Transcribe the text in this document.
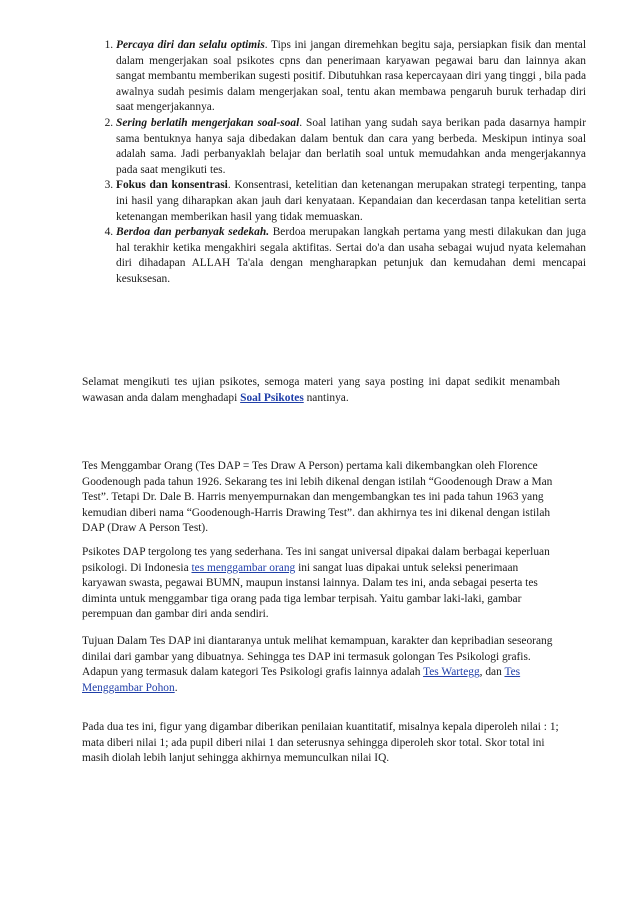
1. Percaya diri dan selalu optimis. Tips ini jangan diremehkan begitu saja, persiapkan fisik dan mental dalam mengerjakan soal psikotes cpns dan penerimaan karyawan pegawai baru dan lainnya akan sangat membantu memberikan sugesti positif. Dibutuhkan rasa kepercayaan diri yang tinggi , bila pada awalnya sudah pesimis dalam mengerjakan soal, tentu akan membawa pengaruh buruk terhadap diri saat mengerjakannya.
2. Sering berlatih mengerjakan soal-soal. Soal latihan yang sudah saya berikan pada dasarnya hampir sama bentuknya hanya saja dibedakan dalam bentuk dan cara yang berbeda. Meskipun intinya soal adalah sama. Jadi perbanyaklah belajar dan berlatih soal untuk memudahkan anda mengerjakannya pada saat mengikuti tes.
3. Fokus dan konsentrasi. Konsentrasi, ketelitian dan ketenangan merupakan strategi terpenting, tanpa ini hasil yang diharapkan akan jauh dari kenyataan. Kepandaian dan kecerdasan tanpa ketelitian serta ketenangan memberikan hasil yang tidak memuaskan.
4. Berdoa dan perbanyak sedekah. Berdoa merupakan langkah pertama yang mesti dilakukan dan juga hal terakhir ketika mengakhiri segala aktifitas. Sertai do'a dan usaha sebagai wujud nyata kelemahan diri dihadapan ALLAH Ta'ala dengan mengharapkan petunjuk dan kemudahan demi mencapai kesuksesan.

Selamat mengikuti tes ujian psikotes, semoga materi yang saya posting ini dapat sedikit menambah wawasan anda dalam menghadapi Soal Psikotes nantinya.

Tes Menggambar Orang (Tes DAP = Tes Draw A Person) pertama kali dikembangkan oleh Florence Goodenough pada tahun 1926. Sekarang tes ini lebih dikenal dengan istilah “Goodenough Draw a Man Test”. Tetapi Dr. Dale B. Harris menyempurnakan dan mengembangkan tes ini pada tahun 1963 yang kemudian diberi nama “Goodenough-Harris Drawing Test”. dan akhirnya tes ini dikenal dengan istilah DAP (Draw A Person Test).

Psikotes DAP tergolong tes yang sederhana. Tes ini sangat universal dipakai dalam berbagai keperluan psikologi. Di Indonesia tes menggambar orang ini sangat luas dipakai untuk seleksi penerimaan karyawan swasta, pegawai BUMN, maupun instansi lainnya. Dalam tes ini, anda sebagai peserta tes diminta untuk menggambar tiga orang pada tiga lembar terpisah. Yaitu gambar laki-laki, gambar perempuan dan gambar diri anda sendiri.

Tujuan Dalam Tes DAP ini diantaranya untuk melihat kemampuan, karakter dan kepribadian seseorang dinilai dari gambar yang dibuatnya. Sehingga tes DAP ini termasuk golongan Tes Psikologi grafis. Adapun yang termasuk dalam kategori Tes Psikologi grafis lainnya adalah Tes Wartegg, dan Tes Menggambar Pohon.

Pada dua tes ini, figur yang digambar diberikan penilaian kuantitatif, misalnya kepala diperoleh nilai : 1; mata diberi nilai 1; ada pupil diberi nilai 1 dan seterusnya sehingga diperoleh skor total. Skor total ini masih diolah lebih lanjut sehingga akhirnya memunculkan nilai IQ.
